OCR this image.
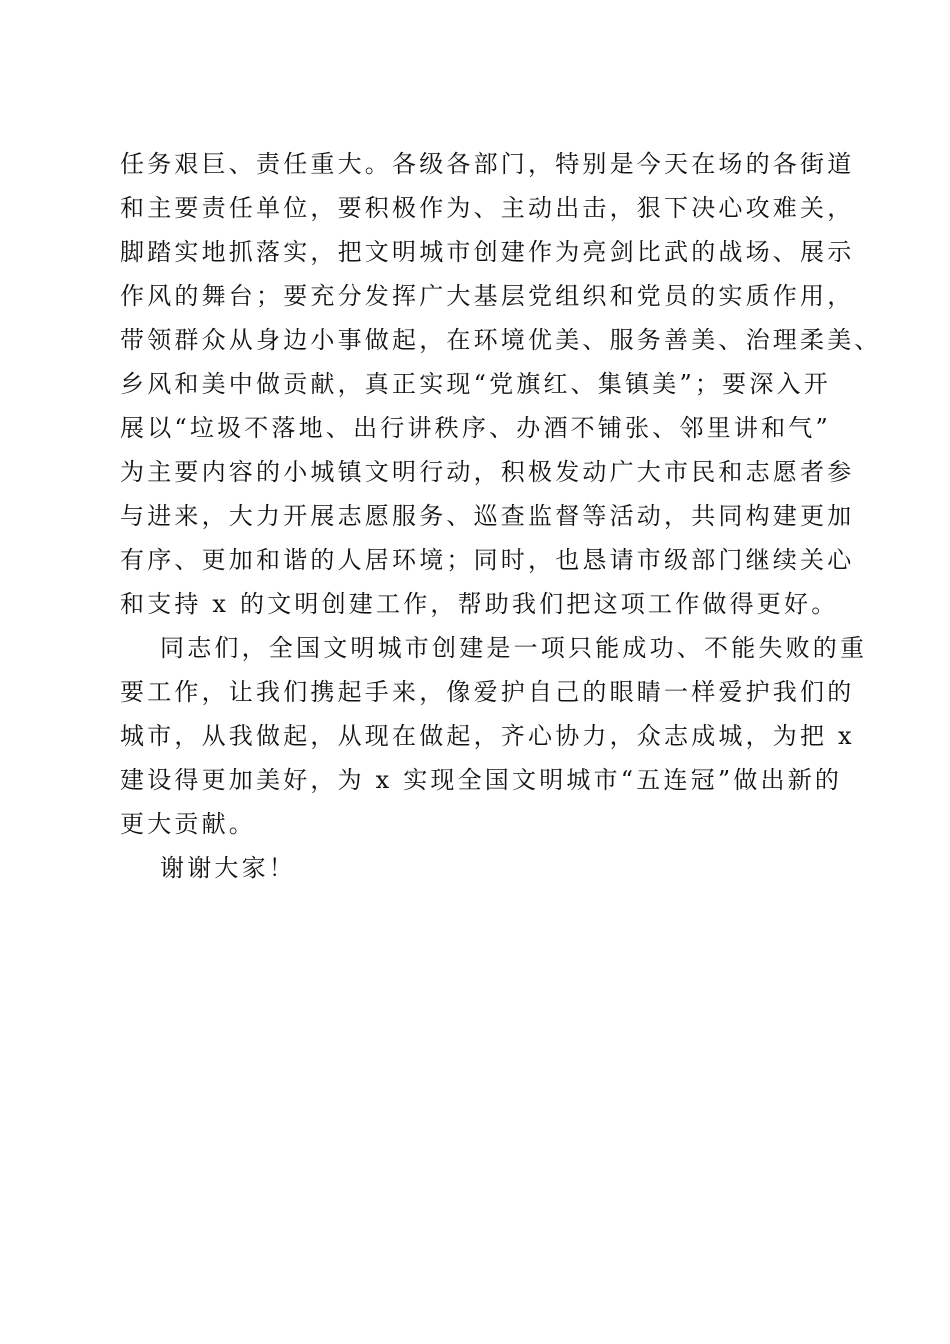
任务艰巨、责任重大。各级各部门，特别是今天在场的各街道
和主要责任单位，要积极作为、主动出击，狠下决心攻难关，
脚踏实地抓落实，把文明城市创建作为亮剑比武的战场、展示
作风的舞台；要充分发挥广大基层党组织和党员的实质作用，
带领群众从身边小事做起，在环境优美、服务善美、治理柔美、
乡风和美中做贡献，真正实现“党旗红、集镇美”；要深入开
展以“垃圾不落地、出行讲秩序、办酒不铺张、邻里讲和气”
为主要内容的小城镇文明行动，积极发动广大市民和志愿者参
与进来，大力开展志愿服务、巡查监督等活动，共同构建更加
有序、更加和谐的人居环境；同时，也恳请市级部门继续关心
和支持 x 的文明创建工作，帮助我们把这项工作做得更好。
同志们，全国文明城市创建是一项只能成功、不能失败的重
要工作，让我们携起手来，像爱护自己的眼睛一样爱护我们的
城市，从我做起，从现在做起，齐心协力，众志成城，为把 x
建设得更加美好，为 x 实现全国文明城市“五连冠”做出新的
更大贡献。
谢谢大家！
